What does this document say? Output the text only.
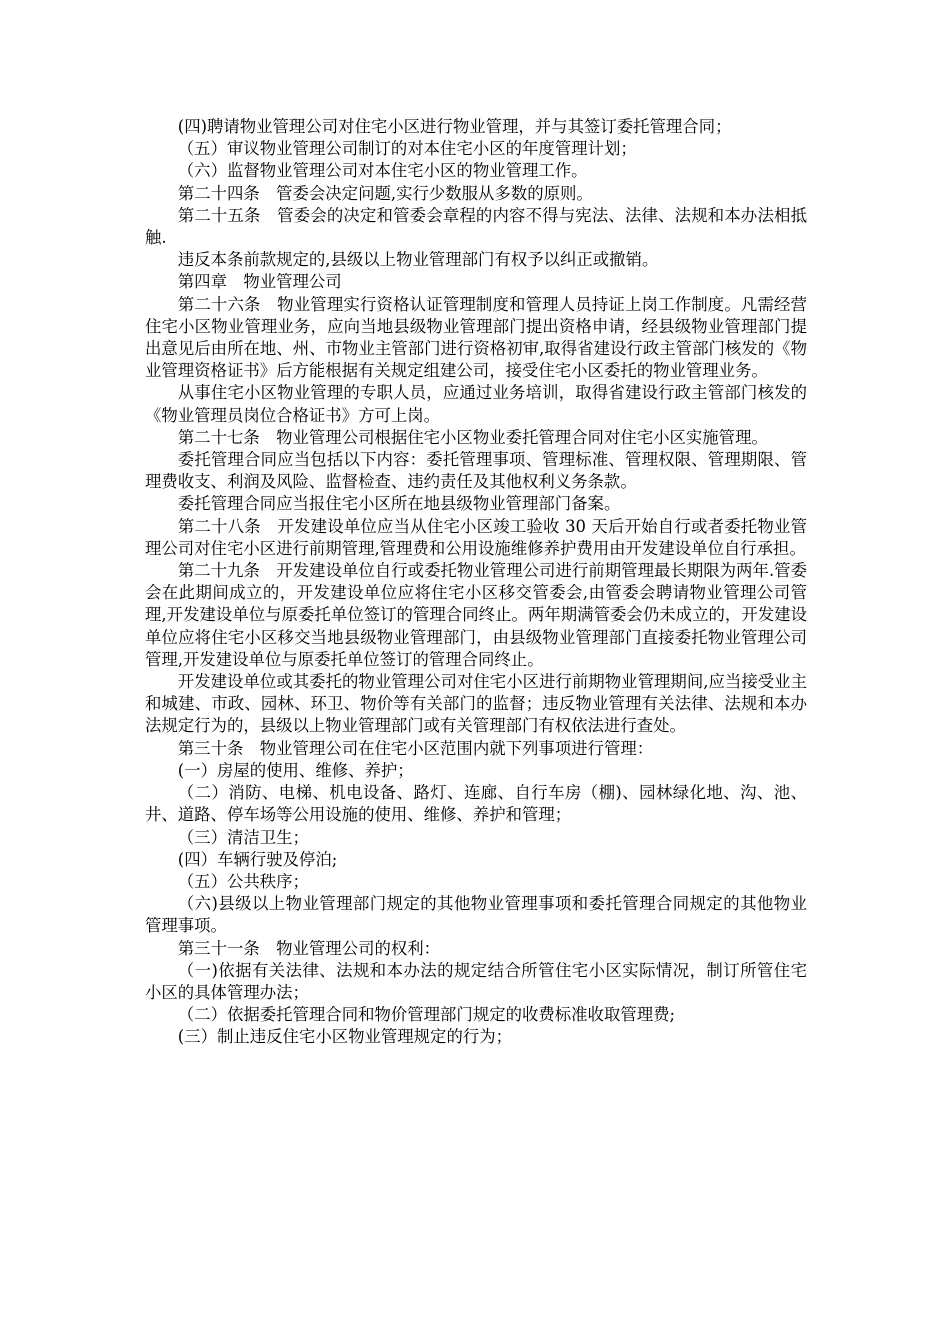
(四)聘请物业管理公司对住宅小区进行物业管理，并与其签订委托管理合同；

（五）审议物业管理公司制订的对本住宅小区的年度管理计划；

（六）监督物业管理公司对本住宅小区的物业管理工作。

第二十四条　管委会决定问题,实行少数服从多数的原则。

第二十五条　管委会的决定和管委会章程的内容不得与宪法、法律、法规和本办法相抵触.

违反本条前款规定的,县级以上物业管理部门有权予以纠正或撤销。

第四章　物业管理公司

第二十六条　物业管理实行资格认证管理制度和管理人员持证上岗工作制度。凡需经营住宅小区物业管理业务，应向当地县级物业管理部门提出资格申请，经县级物业管理部门提出意见后由所在地、州、市物业主管部门进行资格初审,取得省建设行政主管部门核发的《物业管理资格证书》后方能根据有关规定组建公司，接受住宅小区委托的物业管理业务。

从事住宅小区物业管理的专职人员，应通过业务培训，取得省建设行政主管部门核发的《物业管理员岗位合格证书》方可上岗。

第二十七条　物业管理公司根据住宅小区物业委托管理合同对住宅小区实施管理。

委托管理合同应当包括以下内容：委托管理事项、管理标准、管理权限、管理期限、管理费收支、利润及风险、监督检查、违约责任及其他权利义务条款。

委托管理合同应当报住宅小区所在地县级物业管理部门备案。

第二十八条　开发建设单位应当从住宅小区竣工验收 30 天后开始自行或者委托物业管理公司对住宅小区进行前期管理,管理费和公用设施维修养护费用由开发建设单位自行承担。

第二十九条　开发建设单位自行或委托物业管理公司进行前期管理最长期限为两年.管委会在此期间成立的，开发建设单位应将住宅小区移交管委会,由管委会聘请物业管理公司管理,开发建设单位与原委托单位签订的管理合同终止。两年期满管委会仍未成立的，开发建设单位应将住宅小区移交当地县级物业管理部门，由县级物业管理部门直接委托物业管理公司管理,开发建设单位与原委托单位签订的管理合同终止。

开发建设单位或其委托的物业管理公司对住宅小区进行前期物业管理期间,应当接受业主和城建、市政、园林、环卫、物价等有关部门的监督；违反物业管理有关法律、法规和本办法规定行为的，县级以上物业管理部门或有关管理部门有权依法进行查处。

第三十条　物业管理公司在住宅小区范围内就下列事项进行管理：

(一）房屋的使用、维修、养护；

（二）消防、电梯、机电设备、路灯、连廊、自行车房（棚)、园林绿化地、沟、池、井、道路、停车场等公用设施的使用、维修、养护和管理；

（三）清洁卫生；

(四）车辆行驶及停泊;

（五）公共秩序；

（六)县级以上物业管理部门规定的其他物业管理事项和委托管理合同规定的其他物业管理事项。

第三十一条　物业管理公司的权利：

（一)依据有关法律、法规和本办法的规定结合所管住宅小区实际情况，制订所管住宅小区的具体管理办法；

（二）依据委托管理合同和物价管理部门规定的收费标准收取管理费;

(三）制止违反住宅小区物业管理规定的行为；
